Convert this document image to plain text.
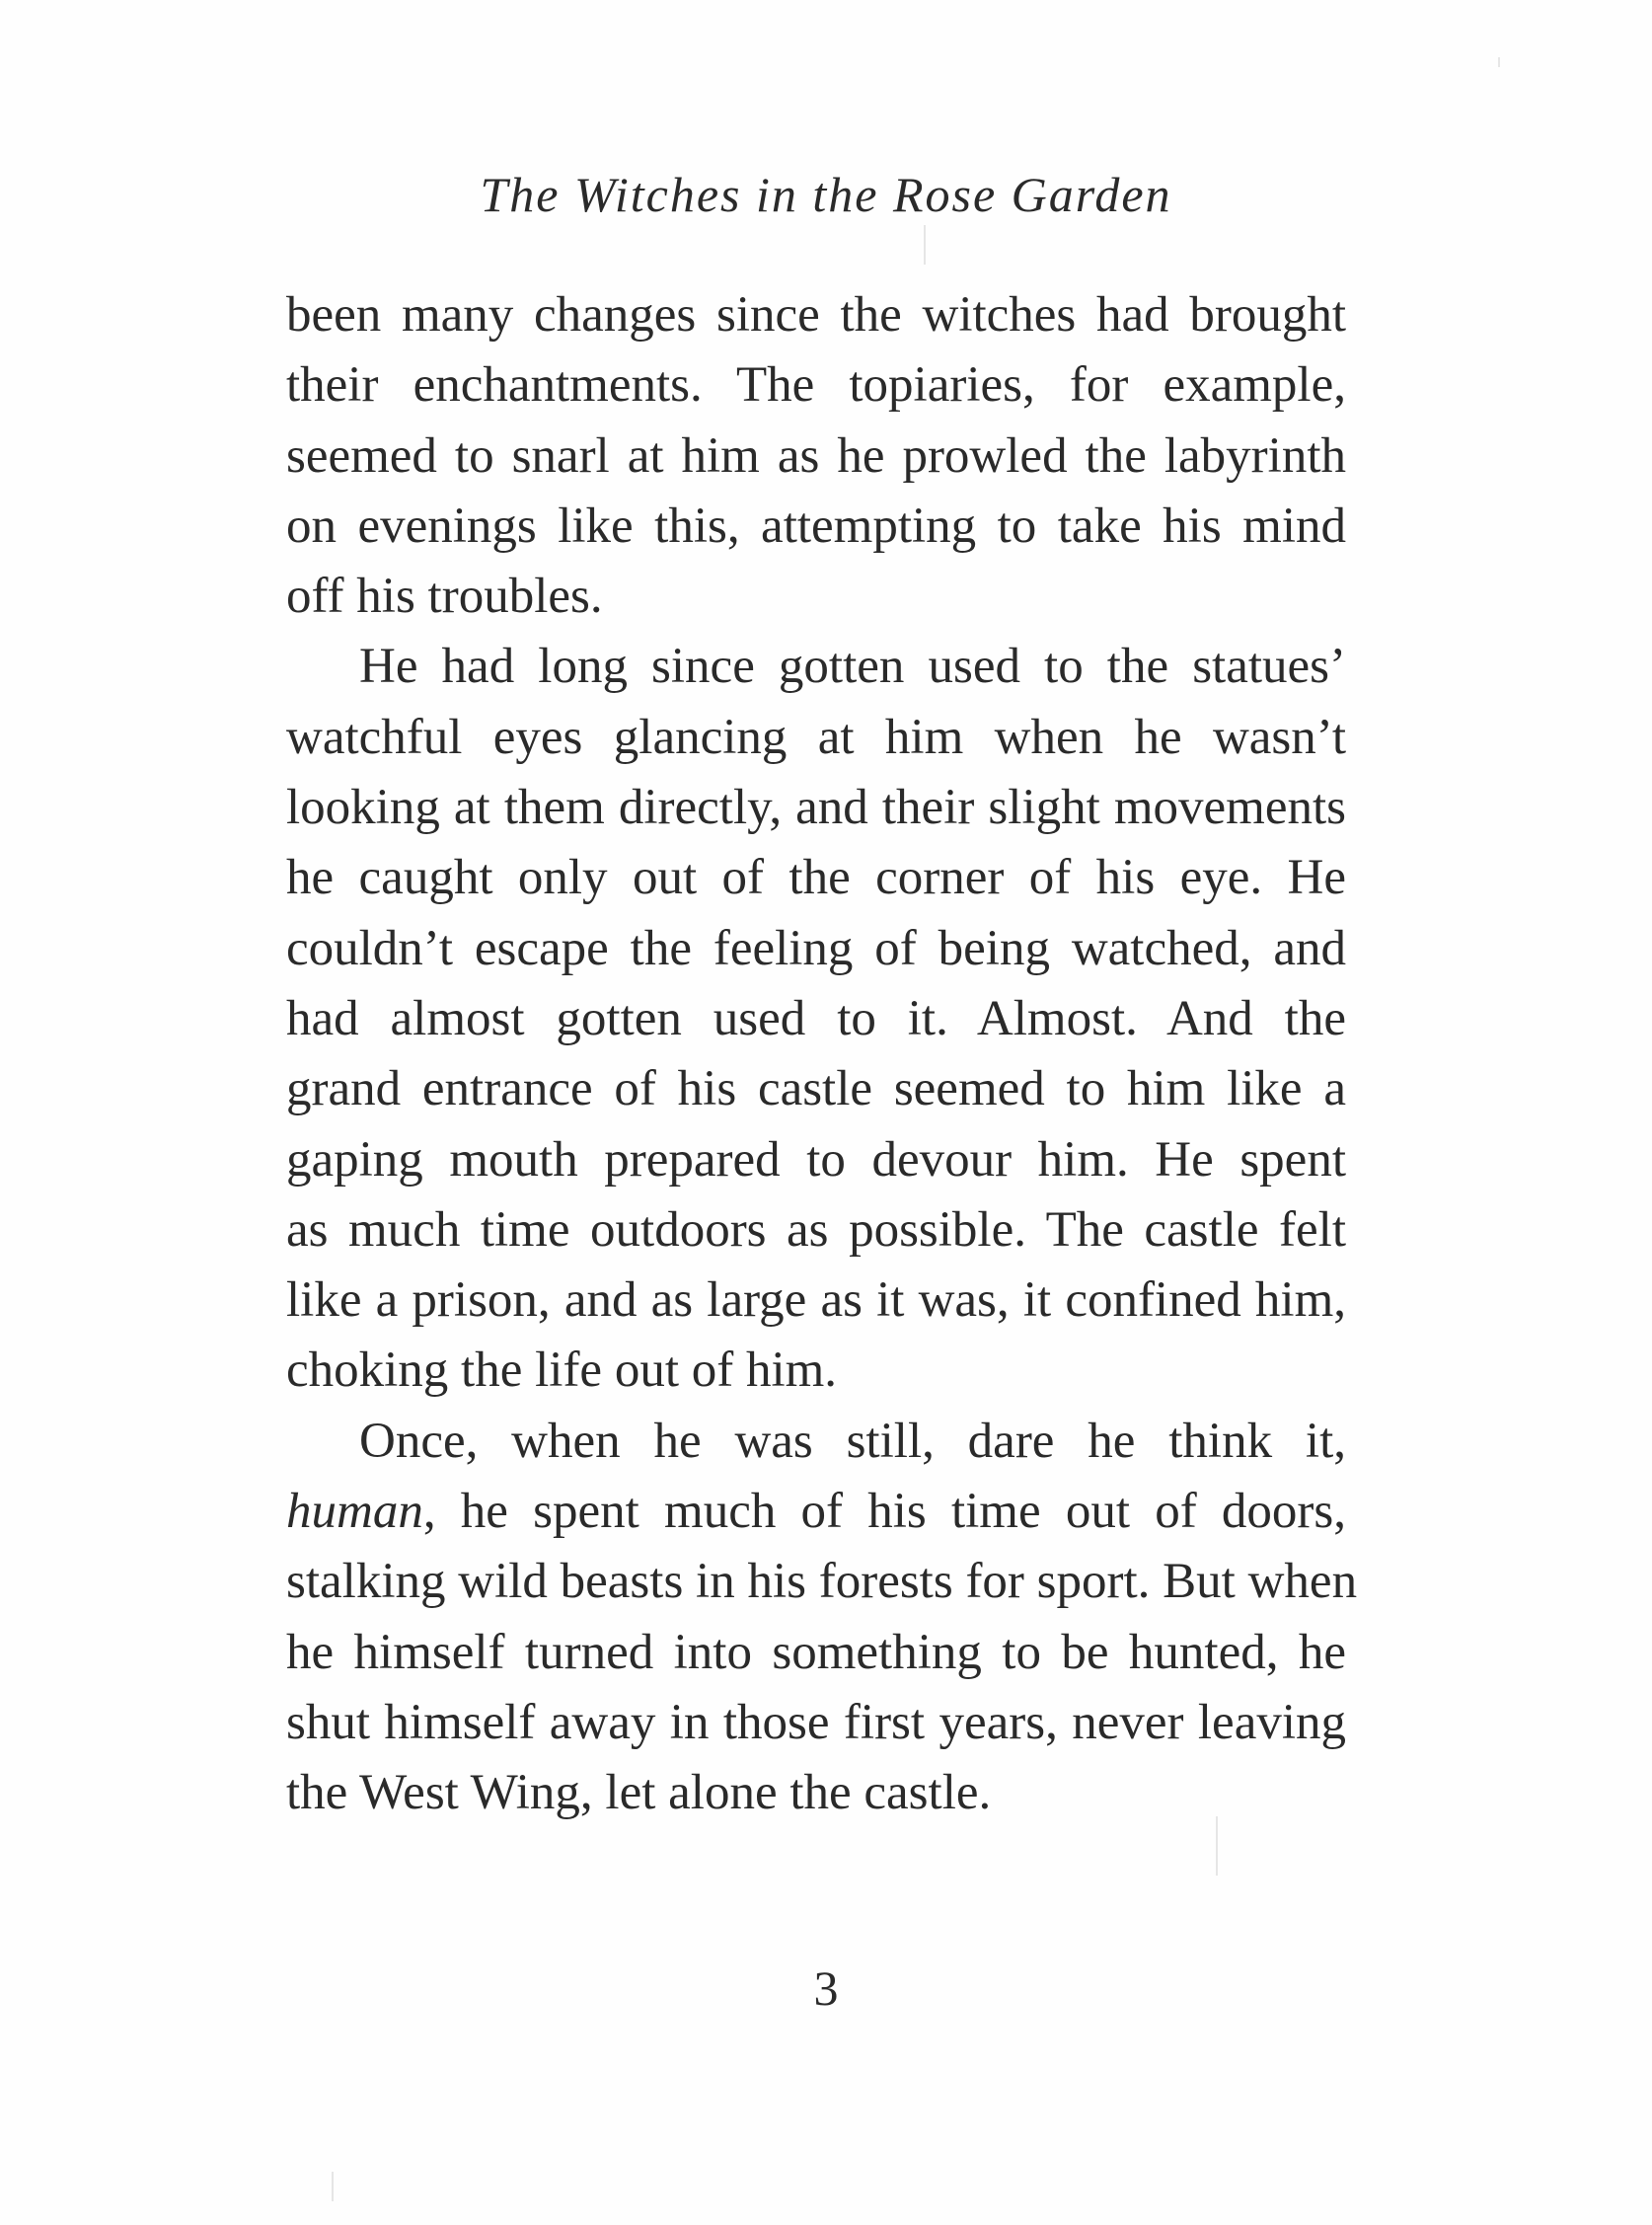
The Witches in the Rose Garden
been many changes since the witches had brought
their enchantments. The topiaries, for example,
seemed to snarl at him as he prowled the labyrinth
on evenings like this, attempting to take his mind
off his troubles.
He had long since gotten used to the statues’
watchful eyes glancing at him when he wasn’t
looking at them directly, and their slight movements
he caught only out of the corner of his eye. He
couldn’t escape the feeling of being watched, and
had almost gotten used to it. Almost. And the
grand entrance of his castle seemed to him like a
gaping mouth prepared to devour him. He spent
as much time outdoors as possible. The castle felt
like a prison, and as large as it was, it confined him,
choking the life out of him.
Once, when he was still, dare he think it,
human, he spent much of his time out of doors,
stalking wild beasts in his forests for sport. But when
he himself turned into something to be hunted, he
shut himself away in those first years, never leaving
the West Wing, let alone the castle.
3
